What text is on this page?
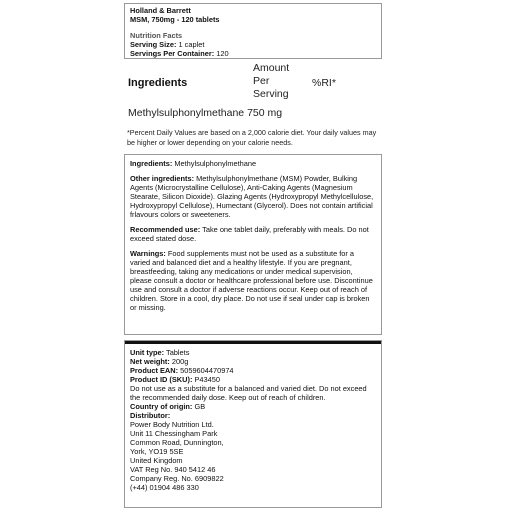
Holland & Barrett
MSM, 750mg - 120 tablets
Nutrition Facts
Serving Size: 1 caplet
Servings Per Container: 120
Ingredients
Amount
Per
Serving
%RI*
Methylsulphonylmethane 750 mg
*Percent Daily Values are based on a 2,000 calorie diet. Your daily values may be higher or lower depending on your calorie needs.

Ingredients: Methylsulphonylmethane

Other ingredients: Methylsulphonylmethane (MSM) Powder, Bulking Agents (Microcrystalline Cellulose), Anti-Caking Agents (Magnesium Stearate, Silicon Dioxide). Glazing Agents (Hydroxypropyl Methylcellulose, Hydroxypropyl Cellulose), Humectant (Glycerol). Does not contain artificial frlavours colors or sweeteners.

Recommended use: Take one tablet daily, preferably with meals. Do not exceed stated dose.

Warnings: Food supplements must not be used as a substitute for a varied and balanced diet and a healthy lifestyle. If you are pregnant, breastfeeding, taking any medications or under medical supervision, please consult a doctor or healthcare professional before use. Discontinue use and consult a doctor if adverse reactions occur. Keep out of reach of children. Store in a cool, dry place. Do not use if seal under cap is broken or missing.

Unit type: Tablets
Net weight: 200g
Product EAN: 5059604470974
Product ID (SKU): P43450
Do not use as a substitute for a balanced and varied diet. Do not exceed the recommended daily dose. Keep out of reach of children.
Country of origin: GB
Distributor:
Power Body Nutrition Ltd.
Unit 11 Chessingham Park
Common Road, Dunnington,
York, YO19 5SE
United Kingdom
VAT Reg No. 940 5412 46
Company Reg. No. 6909822
(+44) 01904 486 330
